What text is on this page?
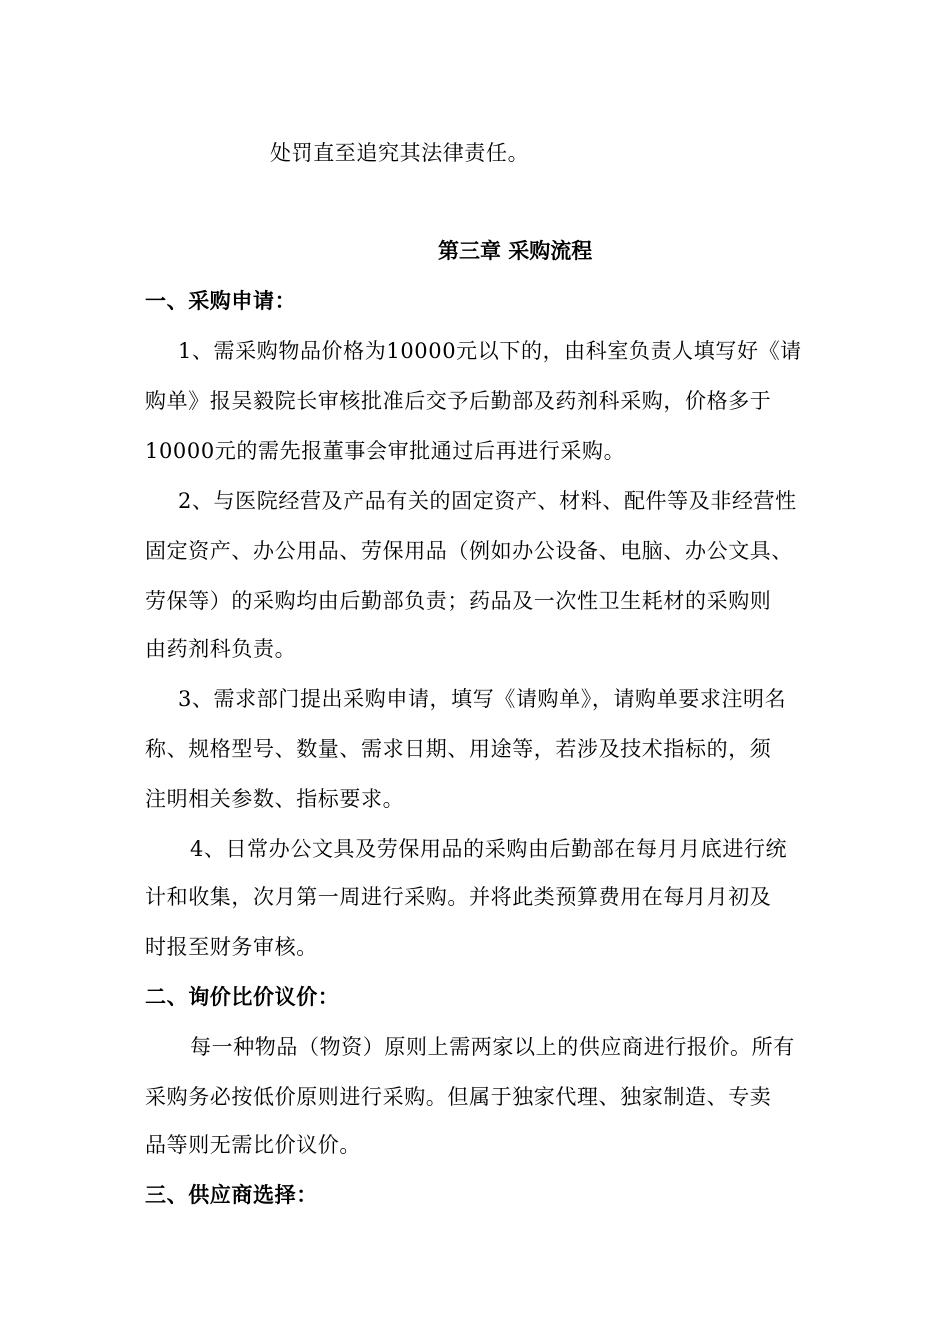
处罚直至追究其法律责任。
第三章 采购流程
一、采购申请：
1、需采购物品价格为10000元以下的，由科室负责人填写好《请
购单》报吴毅院长审核批准后交予后勤部及药剂科采购，价格多于
10000元的需先报董事会审批通过后再进行采购。
2、与医院经营及产品有关的固定资产、材料、配件等及非经营性
固定资产、办公用品、劳保用品（例如办公设备、电脑、办公文具、
劳保等）的采购均由后勤部负责；药品及一次性卫生耗材的采购则
由药剂科负责。
3、需求部门提出采购申请，填写《请购单》，请购单要求注明名
称、规格型号、数量、需求日期、用途等，若涉及技术指标的，须
注明相关参数、指标要求。
4、日常办公文具及劳保用品的采购由后勤部在每月月底进行统
计和收集，次月第一周进行采购。并将此类预算费用在每月月初及
时报至财务审核。
二、询价比价议价：
每一种物品（物资）原则上需两家以上的供应商进行报价。所有
采购务必按低价原则进行采购。但属于独家代理、独家制造、专卖
品等则无需比价议价。
三、供应商选择：
